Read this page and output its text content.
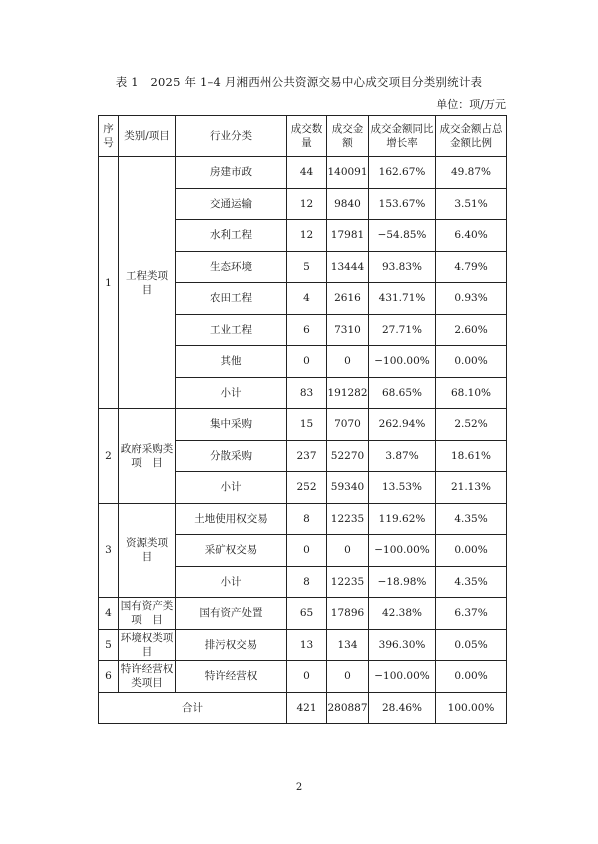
表 1　2025 年 1–4 月湘西州公共资源交易中心成交项目分类别统计表
单位：项/万元
序号	类别/项目	行业分类	成交数量	成交金额	成交金额同比增长率	成交金额占总金额比例
1	工程类项　目	房建市政	44	140091	162.67%	49.87%
		交通运输	12	9840	153.67%	3.51%
		水利工程	12	17981	−54.85%	6.40%
		生态环境	5	13444	93.83%	4.79%
		农田工程	4	2616	431.71%	0.93%
		工业工程	6	7310	27.71%	2.60%
		其他	0	0	−100.00%	0.00%
		小计	83	191282	68.65%	68.10%
2	政府采购类项　目	集中采购	15	7070	262.94%	2.52%
		分散采购	237	52270	3.87%	18.61%
		小计	252	59340	13.53%	21.13%
3	资源类项　目	土地使用权交易	8	12235	119.62%	4.35%
		采矿权交易	0	0	−100.00%	0.00%
		小计	8	12235	−18.98%	4.35%
4	国有资产类项　目	国有资产处置	65	17896	42.38%	6.37%
5	环境权类项　目	排污权交易	13	134	396.30%	0.05%
6	特许经营权类项目	特许经营权	0	0	−100.00%	0.00%
合计			421	280887	28.46%	100.00%
2
